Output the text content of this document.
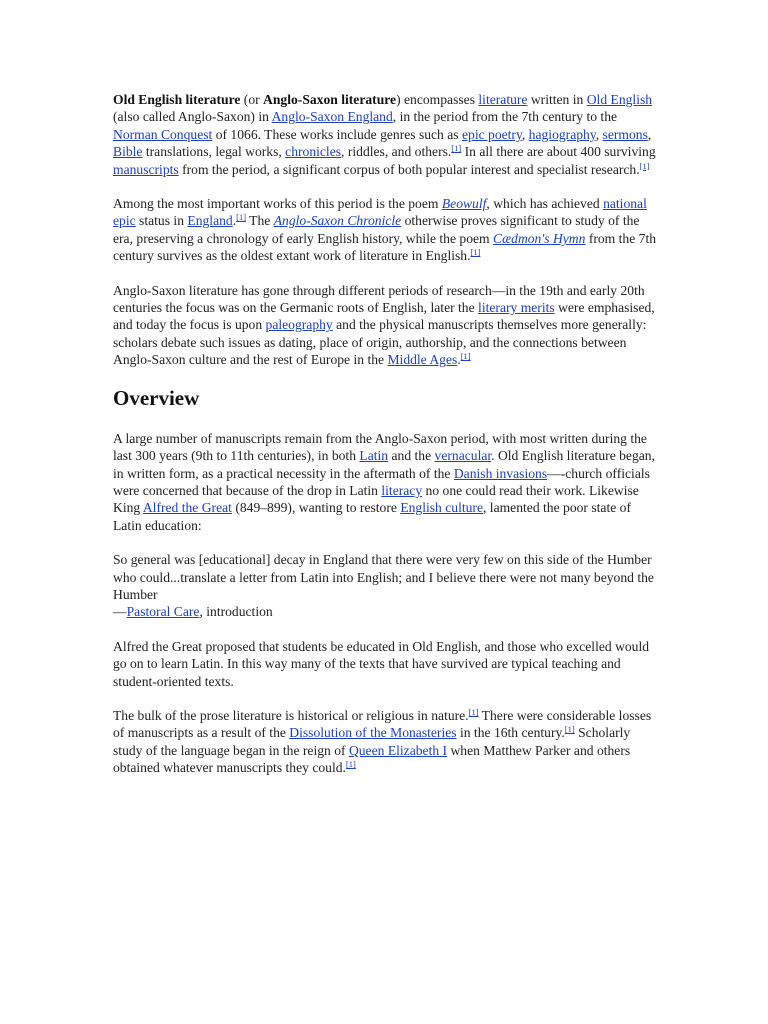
Old English literature (or Anglo-Saxon literature) encompasses literature written in Old English (also called Anglo-Saxon) in Anglo-Saxon England, in the period from the 7th century to the Norman Conquest of 1066. These works include genres such as epic poetry, hagiography, sermons, Bible translations, legal works, chronicles, riddles, and others.[1] In all there are about 400 surviving manuscripts from the period, a significant corpus of both popular interest and specialist research.[1]

Among the most important works of this period is the poem Beowulf, which has achieved national epic status in England.[1] The Anglo-Saxon Chronicle otherwise proves significant to study of the era, preserving a chronology of early English history, while the poem Cædmon's Hymn from the 7th century survives as the oldest extant work of literature in English.[1]

Anglo-Saxon literature has gone through different periods of research—in the 19th and early 20th centuries the focus was on the Germanic roots of English, later the literary merits were emphasised, and today the focus is upon paleography and the physical manuscripts themselves more generally: scholars debate such issues as dating, place of origin, authorship, and the connections between Anglo-Saxon culture and the rest of Europe in the Middle Ages.[1]

Overview

A large number of manuscripts remain from the Anglo-Saxon period, with most written during the last 300 years (9th to 11th centuries), in both Latin and the vernacular. Old English literature began, in written form, as a practical necessity in the aftermath of the Danish invasions—-church officials were concerned that because of the drop in Latin literacy no one could read their work. Likewise King Alfred the Great (849–899), wanting to restore English culture, lamented the poor state of Latin education:

So general was [educational] decay in England that there were very few on this side of the Humber who could...translate a letter from Latin into English; and I believe there were not many beyond the Humber
—Pastoral Care, introduction

Alfred the Great proposed that students be educated in Old English, and those who excelled would go on to learn Latin. In this way many of the texts that have survived are typical teaching and student-oriented texts.

The bulk of the prose literature is historical or religious in nature.[1] There were considerable losses of manuscripts as a result of the Dissolution of the Monasteries in the 16th century.[1] Scholarly study of the language began in the reign of Queen Elizabeth I when Matthew Parker and others obtained whatever manuscripts they could.[1]
